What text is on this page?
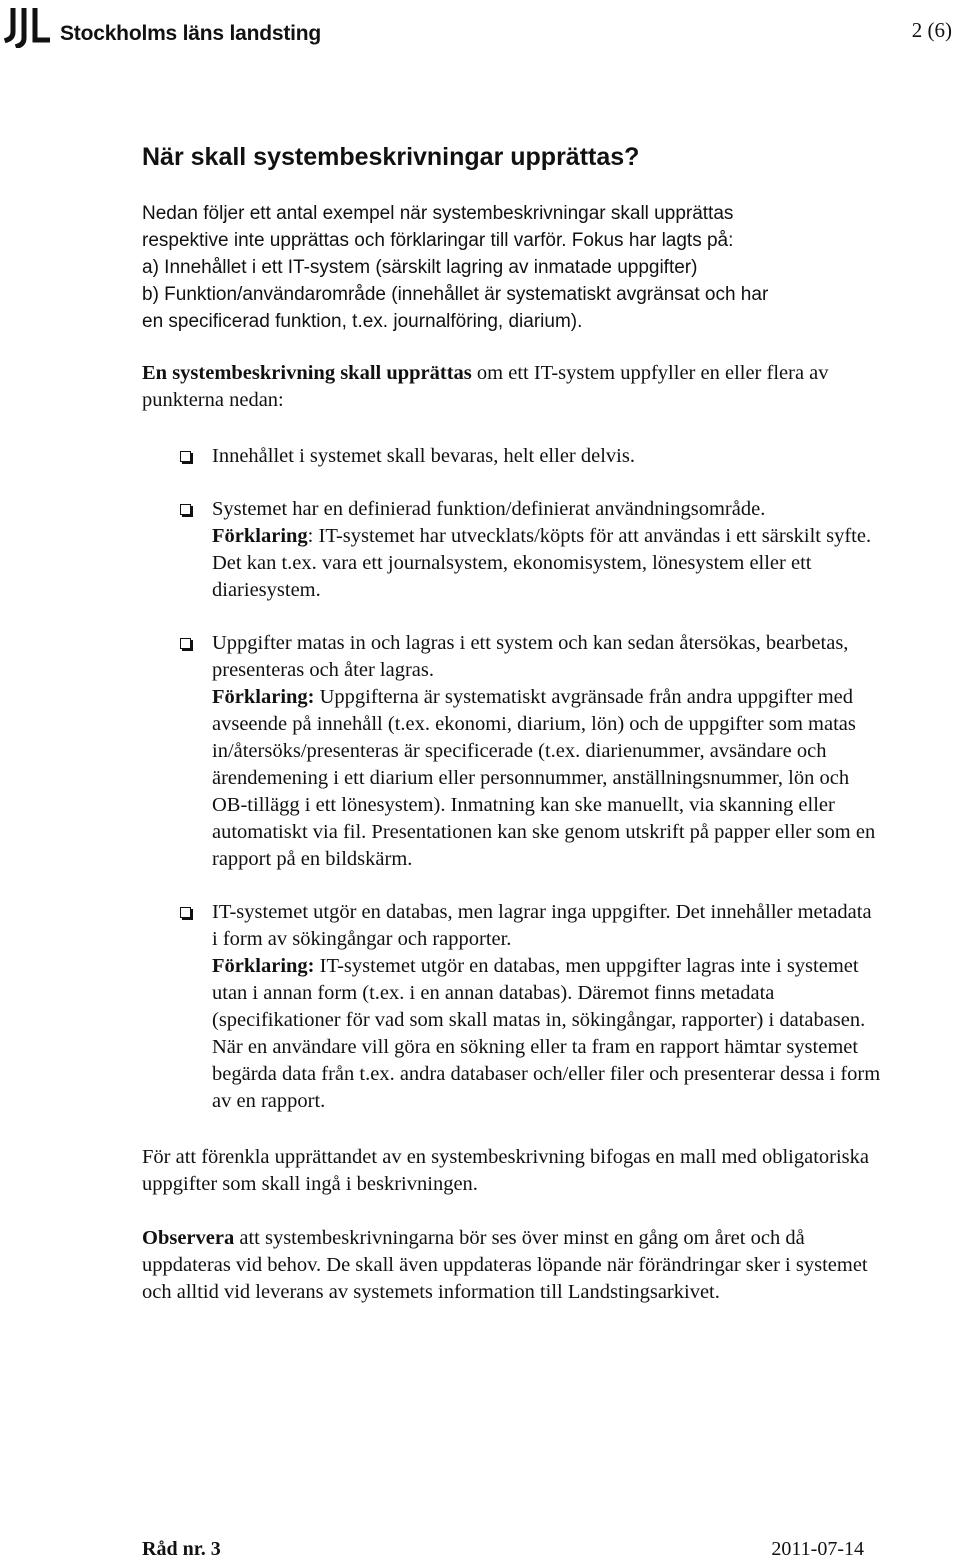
Stockholms läns landsting	2 (6)
När skall systembeskrivningar upprättas?

Nedan följer ett antal exempel när systembeskrivningar skall upprättas

respektive inte upprättas och förklaringar till varför. Fokus har lagts på:

a) Innehållet i ett IT-system (särskilt lagring av inmatade uppgifter)

b) Funktion/användarområde (innehållet är systematiskt avgränsat och har

en specificerad funktion, t.ex. journalföring, diarium).

En systembeskrivning skall upprättas om ett IT-system uppfyller en eller flera av punkterna nedan:

Innehållet i systemet skall bevaras, helt eller delvis.

Systemet har en definierad funktion/definierat användningsområde.

Förklaring: IT-systemet har utvecklats/köpts för att användas i ett särskilt syfte. Det kan t.ex. vara ett journalsystem, ekonomisystem, lönesystem eller ett diariesystem.

Uppgifter matas in och lagras i ett system och kan sedan återsökas, bearbetas, presenteras och åter lagras.

Förklaring: Uppgifterna är systematiskt avgränsade från andra uppgifter med avseende på innehåll (t.ex. ekonomi, diarium, lön) och de uppgifter som matas in/återsöks/presenteras är specificerade (t.ex. diarienummer, avsändare och ärendemening i ett diarium eller personnummer, anställningsnummer, lön och OB-tillägg i ett lönesystem). Inmatning kan ske manuellt, via skanning eller automatiskt via fil. Presentationen kan ske genom utskrift på papper eller som en rapport på en bildskärm.

IT-systemet utgör en databas, men lagrar inga uppgifter. Det innehåller metadata i form av sökingångar och rapporter.

Förklaring: IT-systemet utgör en databas, men uppgifter lagras inte i systemet utan i annan form (t.ex. i en annan databas). Däremot finns metadata (specifikationer för vad som skall matas in, sökingångar, rapporter) i databasen. När en användare vill göra en sökning eller ta fram en rapport hämtar systemet begärda data från t.ex. andra databaser och/eller filer och presenterar dessa i form av en rapport.

För att förenkla upprättandet av en systembeskrivning bifogas en mall med obligatoriska uppgifter som skall ingå i beskrivningen.

Observera att systembeskrivningarna bör ses över minst en gång om året och då uppdateras vid behov. De skall även uppdateras löpande när förändringar sker i systemet och alltid vid leverans av systemets information till Landstingsarkivet.

Råd nr. 3	2011-07-14
